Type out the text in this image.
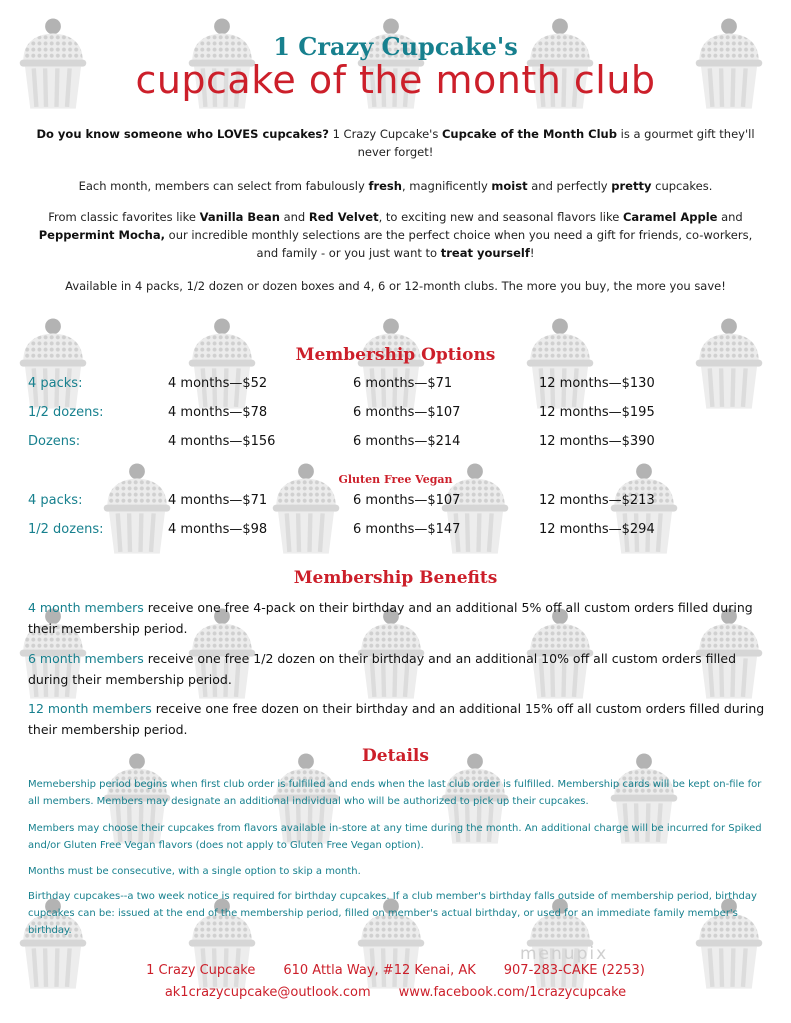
1 Crazy Cupcake's
cupcake of the month club
Do you know someone who LOVES cupcakes? 1 Crazy Cupcake's Cupcake of the Month Club is a gourmet gift they'll never forget!
Each month, members can select from fabulously fresh, magnificently moist and perfectly pretty cupcakes.
From classic favorites like Vanilla Bean and Red Velvet, to exciting new and seasonal flavors like Caramel Apple and Peppermint Mocha, our incredible monthly selections are the perfect choice when you need a gift for friends, co-workers, and family - or you just want to treat yourself!
Available in 4 packs, 1/2 dozen or dozen boxes and 4, 6 or 12-month clubs. The more you buy, the more you save!
Membership Options
4 packs:	4 months—$52	6 months—$71	12 months—$130
1/2 dozens:	4 months—$78	6 months—$107	12 months—$195
Dozens:	4 months—$156	6 months—$214	12 months—$390
Gluten Free Vegan
4 packs:	4 months—$71	6 months—$107	12 months—$213
1/2 dozens:	4 months—$98	6 months—$147	12 months—$294
Membership Benefits
4 month members receive one free 4-pack on their birthday and an additional 5% off all custom orders filled during their membership period.
6 month members receive one free 1/2 dozen on their birthday and an additional 10% off all custom orders filled during their membership period.
12 month members receive one free dozen on their birthday and an additional 15% off all custom orders filled during their membership period.
Details
Memebership period begins when first club order is fulfilled and ends when the last club order is fulfilled. Membership cards will be kept on-file for all members. Members may designate an additional individual who will be authorized to pick up their cupcakes.
Members may choose their cupcakes from flavors available in-store at any time during the month. An additional charge will be incurred for Spiked and/or Gluten Free Vegan flavors (does not apply to Gluten Free Vegan option).
Months must be consecutive, with a single option to skip a month.
Birthday cupcakes--a two week notice is required for birthday cupcakes. If a club member's birthday falls outside of membership period, birthday cupcakes can be: issued at the end of the membership period, filled on member's actual birthday, or used for an immediate family member's birthday.
menupix
1 Crazy Cupcake 610 Attla Way, #12 Kenai, AK 907-283-CAKE (2253)
ak1crazycupcake@outlook.com www.facebook.com/1crazycupcake
